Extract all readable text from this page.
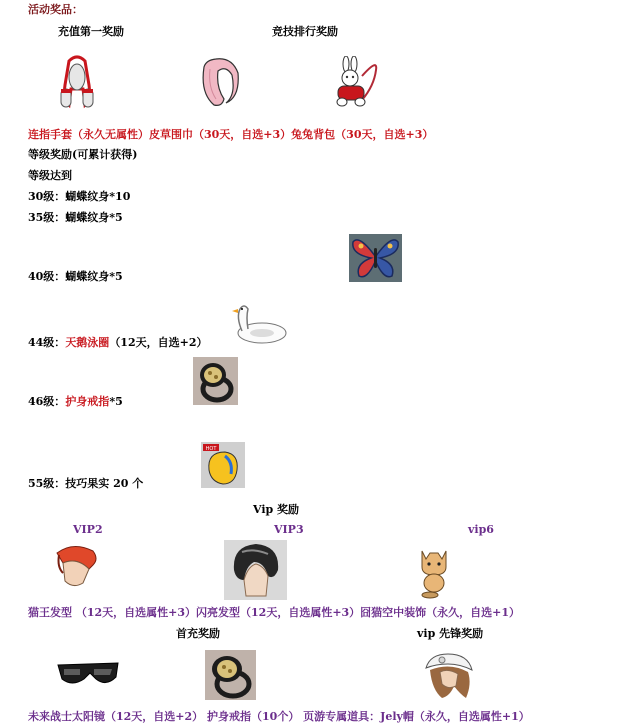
活动奖品：
充值第一奖励	竞技排行奖励
连指手套（永久无属性）皮草围巾（30天，自选+3）兔兔背包（30天，自选+3）
等级奖励(可累计获得)
等级达到
30级：蝴蝶纹身*10
35级：蝴蝶纹身*5
40级：蝴蝶纹身*5
44级：天鹅泳圈（12天，自选+2）
46级：护身戒指*5
HOT
55级：技巧果实 20 个
Vip 奖励
VIP2	VIP3	vip6
猫王发型 （12天，自选属性+3）闪亮发型（12天，自选属性+3）囧猫空中装饰（永久，自选+1）
首充奖励	vip 先锋奖励
未来战士太阳镜（12天，自选+2） 护身戒指（10个） 页游专属道具：Jely帽（永久，自选属性+1）
